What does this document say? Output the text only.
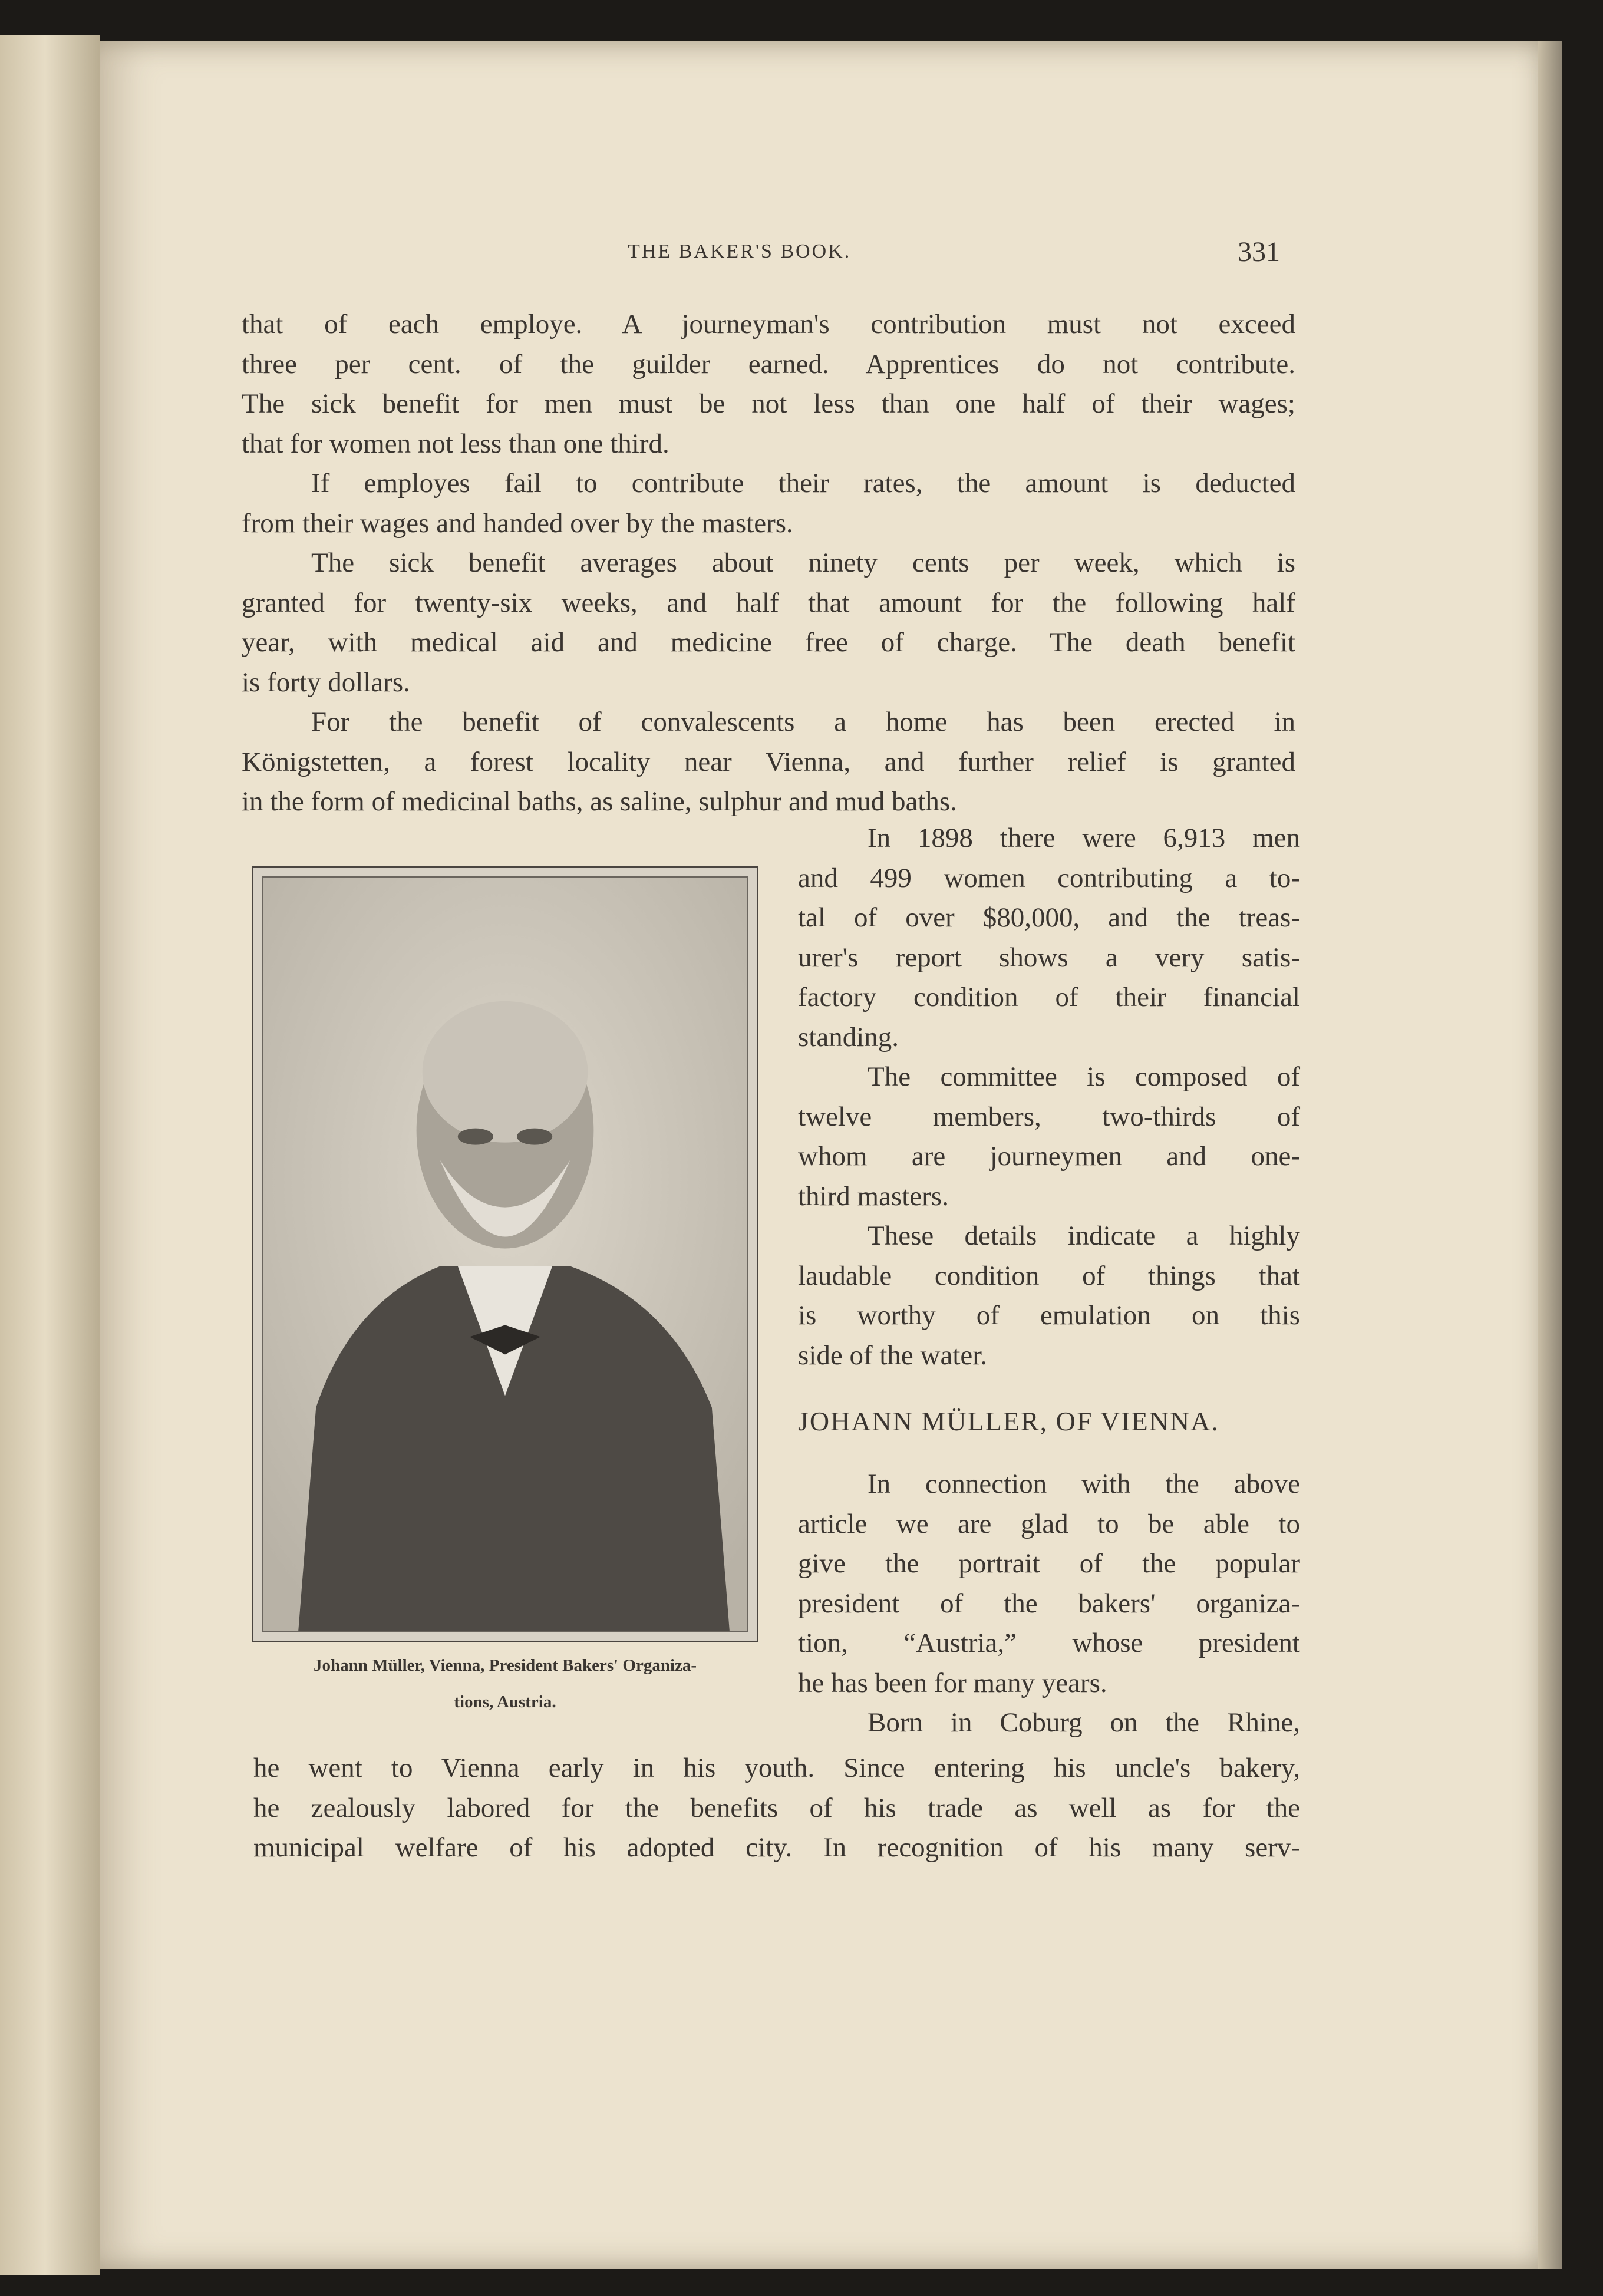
THE BAKER'S BOOK.	331
that of each employe. A journeyman's contribution must not exceed
three per cent. of the guilder earned. Apprentices do not contribute.
The sick benefit for men must be not less than one half of their wages;
that for women not less than one third.
If employes fail to contribute their rates, the amount is deducted
from their wages and handed over by the masters.
The sick benefit averages about ninety cents per week, which is
granted for twenty-six weeks, and half that amount for the following half
year, with medical aid and medicine free of charge. The death benefit
is forty dollars.
For the benefit of convalescents a home has been erected in
Königstetten, a forest locality near Vienna, and further relief is granted
in the form of medicinal baths, as saline, sulphur and mud baths.
In 1898 there were 6,913 men
and 499 women contributing a to-
tal of over $80,000, and the treas-
urer's report shows a very satis-
factory condition of their financial
standing.
The committee is composed of
twelve members, two-thirds of
whom are journeymen and one-
third masters.
These details indicate a highly
laudable condition of things that
is worthy of emulation on this
side of the water.
In connection with the above
article we are glad to be able to
give the portrait of the popular
president of the bakers' organiza-
tion, “Austria,” whose president
he has been for many years.
Born in Coburg on the Rhine,
he went to Vienna early in his youth. Since entering his uncle's bakery,
he zealously labored for the benefits of his trade as well as for the
municipal welfare of his adopted city. In recognition of his many serv-
JOHANN MÜLLER, OF VIENNA.
Johann Müller, Vienna, President Bakers' Organiza-
tions, Austria.
